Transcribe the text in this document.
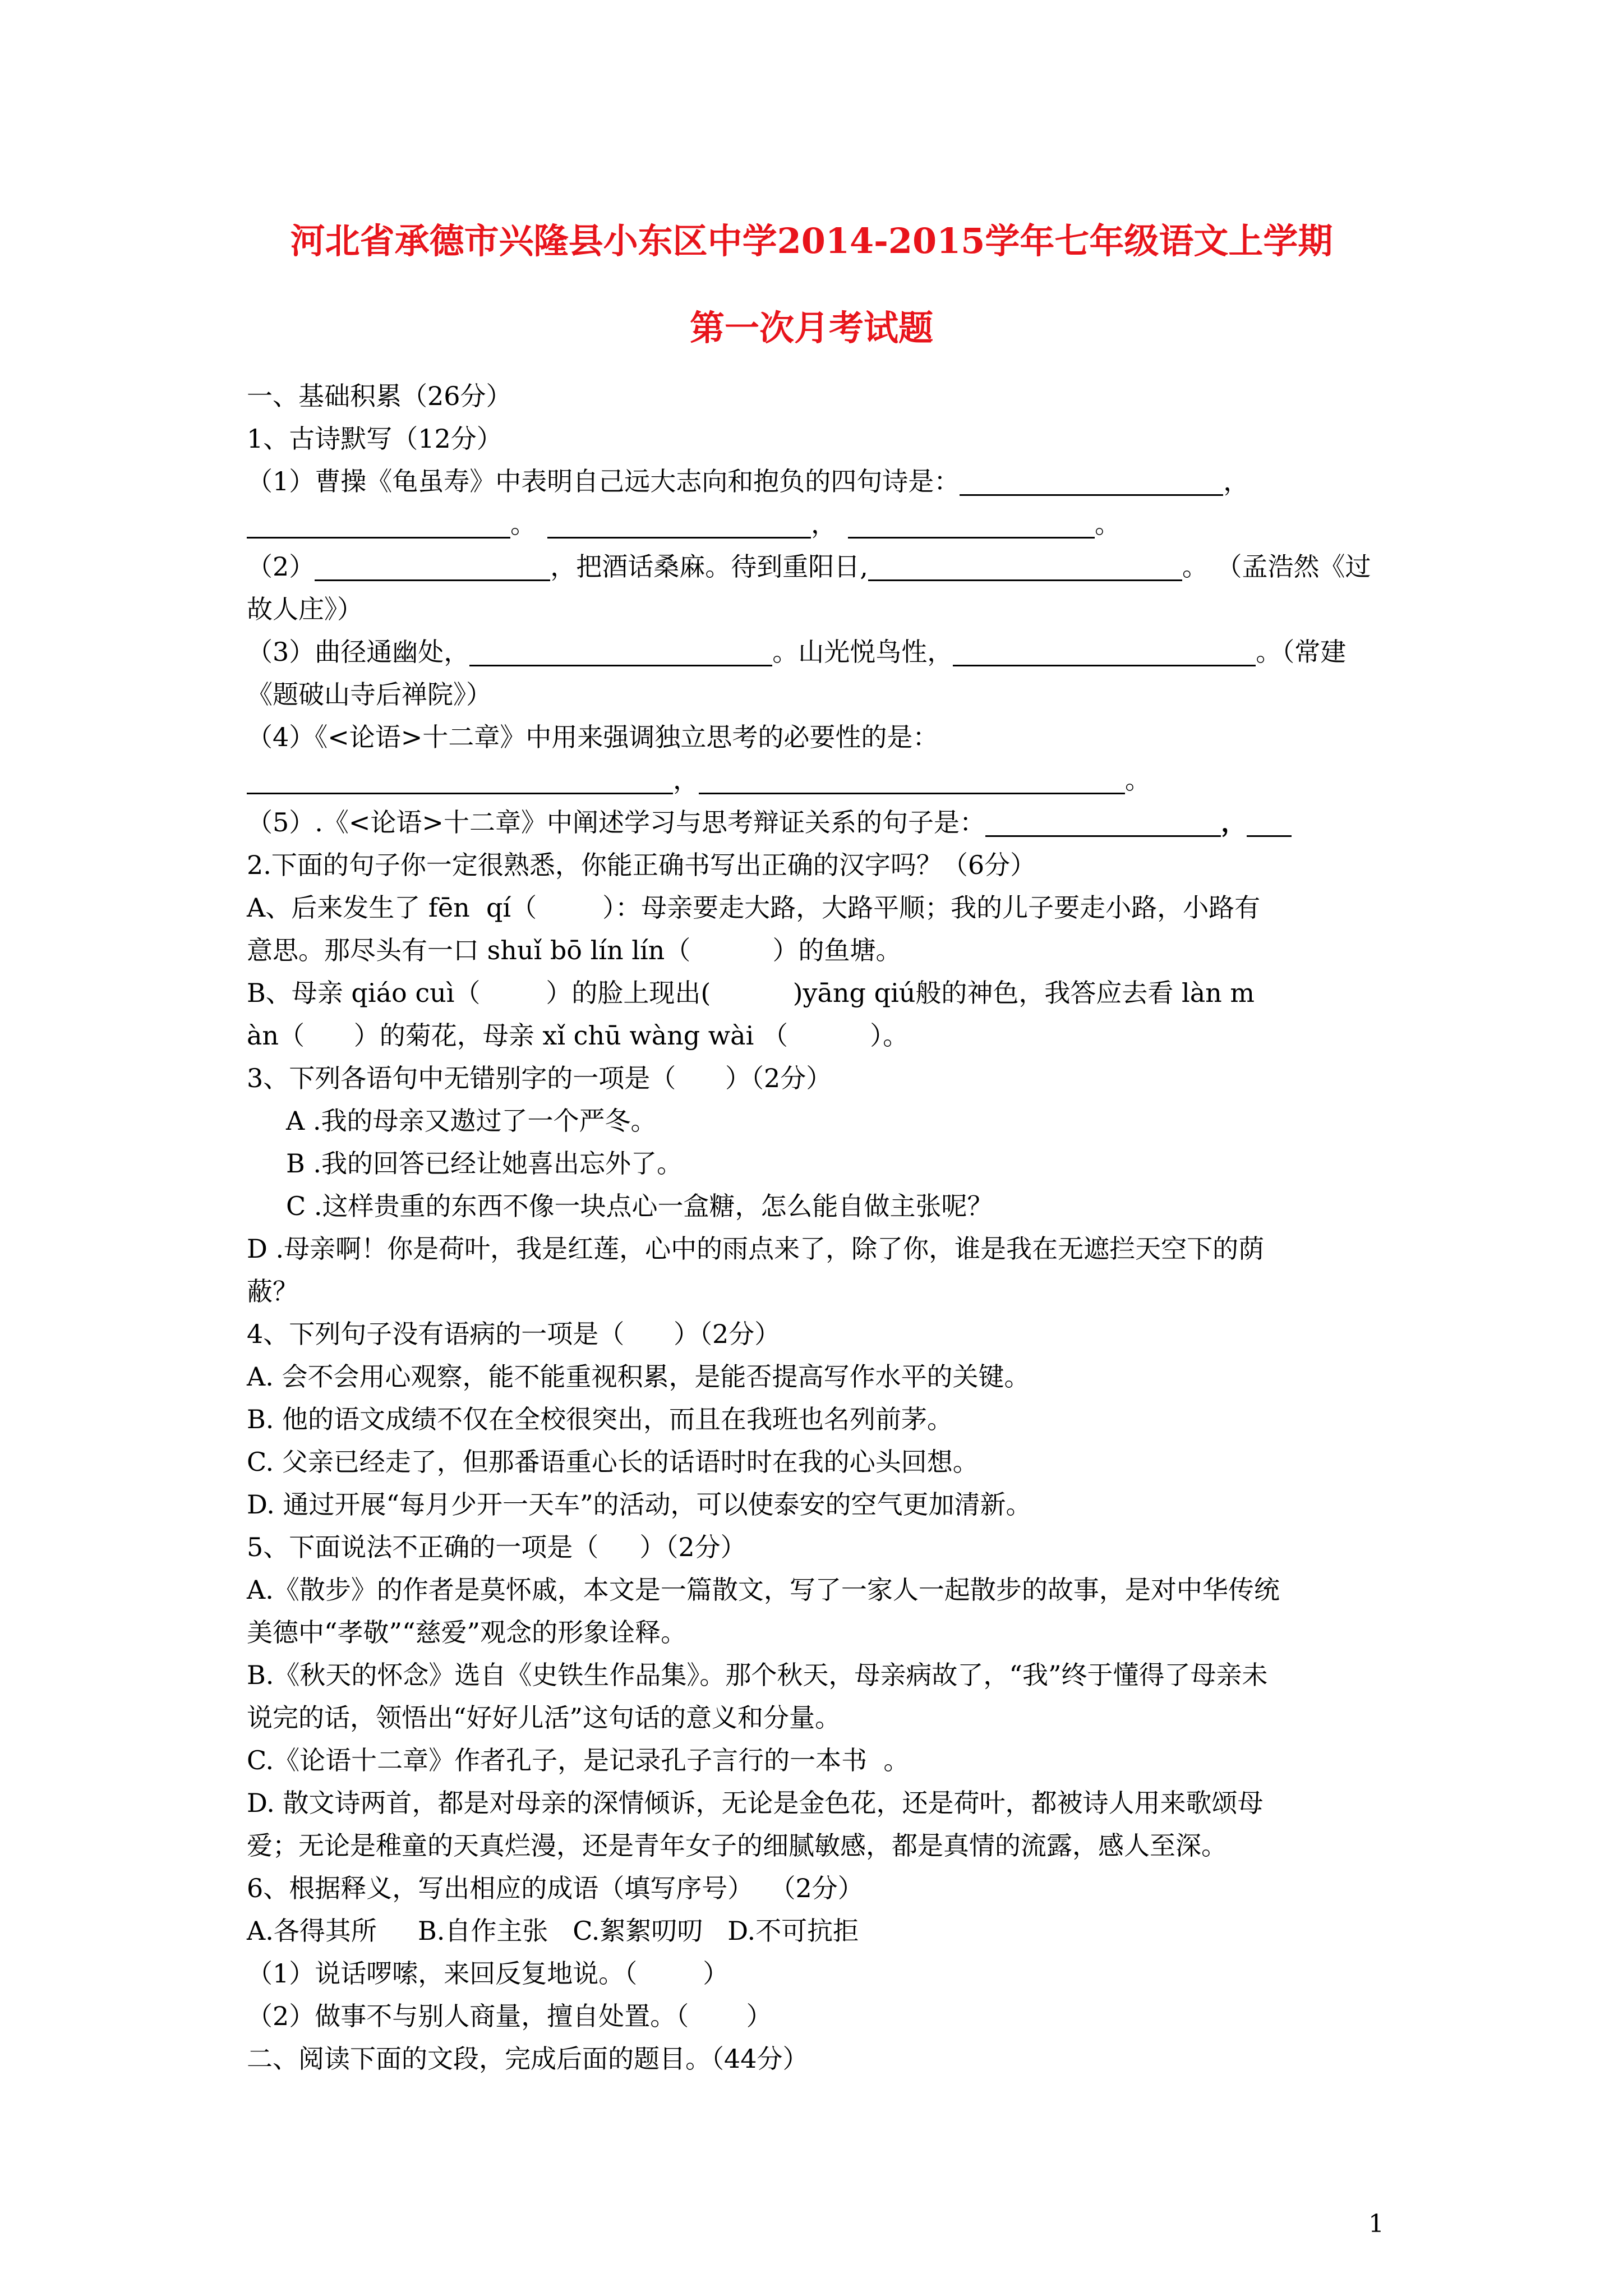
河北省承德市兴隆县小东区中学2014-2015学年七年级语文上学期
第一次月考试题
一、基础积累（26分）
1、古诗默写（12分）
（1）曹操《龟虽寿》中表明自己远大志向和抱负的四句诗是：	，
。	，	。
（2）	，把酒话桑麻。待到重阳日,	。 （孟浩然《过
故人庄》）
（3）曲径通幽处，	。山光悦鸟性，	。（常建
《题破山寺后禅院》）
（4）《<论语>十二章》中用来强调独立思考的必要性的是：
，	。
（5）.《<论语>十二章》中阐述学习与思考辩证关系的句子是：	，
2.下面的句子你一定很熟悉，你能正确书写出正确的汉字吗？（6分）
A、后来发生了 fēn  qí（        ）：母亲要走大路，大路平顺；我的儿子要走小路，小路有
意思。那尽头有一口 shuǐ bō lín lín（          ）的鱼塘。
B、母亲 qiáo cuì（        ）的脸上现出(          )yāng qiú般的神色，我答应去看 làn m
àn（      ）的菊花，母亲 xǐ chū wàng wài （          ）。
3、下列各语句中无错别字的一项是（      ）（2分）
A .我的母亲又遨过了一个严冬。
B .我的回答已经让她喜出忘外了。
C .这样贵重的东西不像一块点心一盒糖，怎么能自做主张呢？
D .母亲啊！你是荷叶，我是红莲，心中的雨点来了，除了你，谁是我在无遮拦天空下的荫
蔽？
4、下列句子没有语病的一项是（      ）（2分）
A. 会不会用心观察，能不能重视积累，是能否提高写作水平的关键。
B. 他的语文成绩不仅在全校很突出，而且在我班也名列前茅。
C. 父亲已经走了，但那番语重心长的话语时时在我的心头回想。
D. 通过开展“每月少开一天车”的活动，可以使泰安的空气更加清新。
5、下面说法不正确的一项是（     ）（2分）
A.《散步》的作者是莫怀戚，本文是一篇散文，写了一家人一起散步的故事，是对中华传统
美德中“孝敬”“慈爱”观念的形象诠释。
B.《秋天的怀念》选自《史铁生作品集》。那个秋天，母亲病故了，“我”终于懂得了母亲未
说完的话，领悟出“好好儿活”这句话的意义和分量。
C.《论语十二章》作者孔子，是记录孔子言行的一本书  。
D. 散文诗两首，都是对母亲的深情倾诉，无论是金色花，还是荷叶，都被诗人用来歌颂母
爱；无论是稚童的天真烂漫，还是青年女子的细腻敏感，都是真情的流露，感人至深。
6、根据释义，写出相应的成语（填写序号）  （2分）
A.各得其所     B.自作主张   C.絮絮叨叨   D.不可抗拒
（1）说话啰嗦，来回反复地说。（        ）
（2）做事不与别人商量，擅自处置。（       ）
二、阅读下面的文段，完成后面的题目。（44分）
1
